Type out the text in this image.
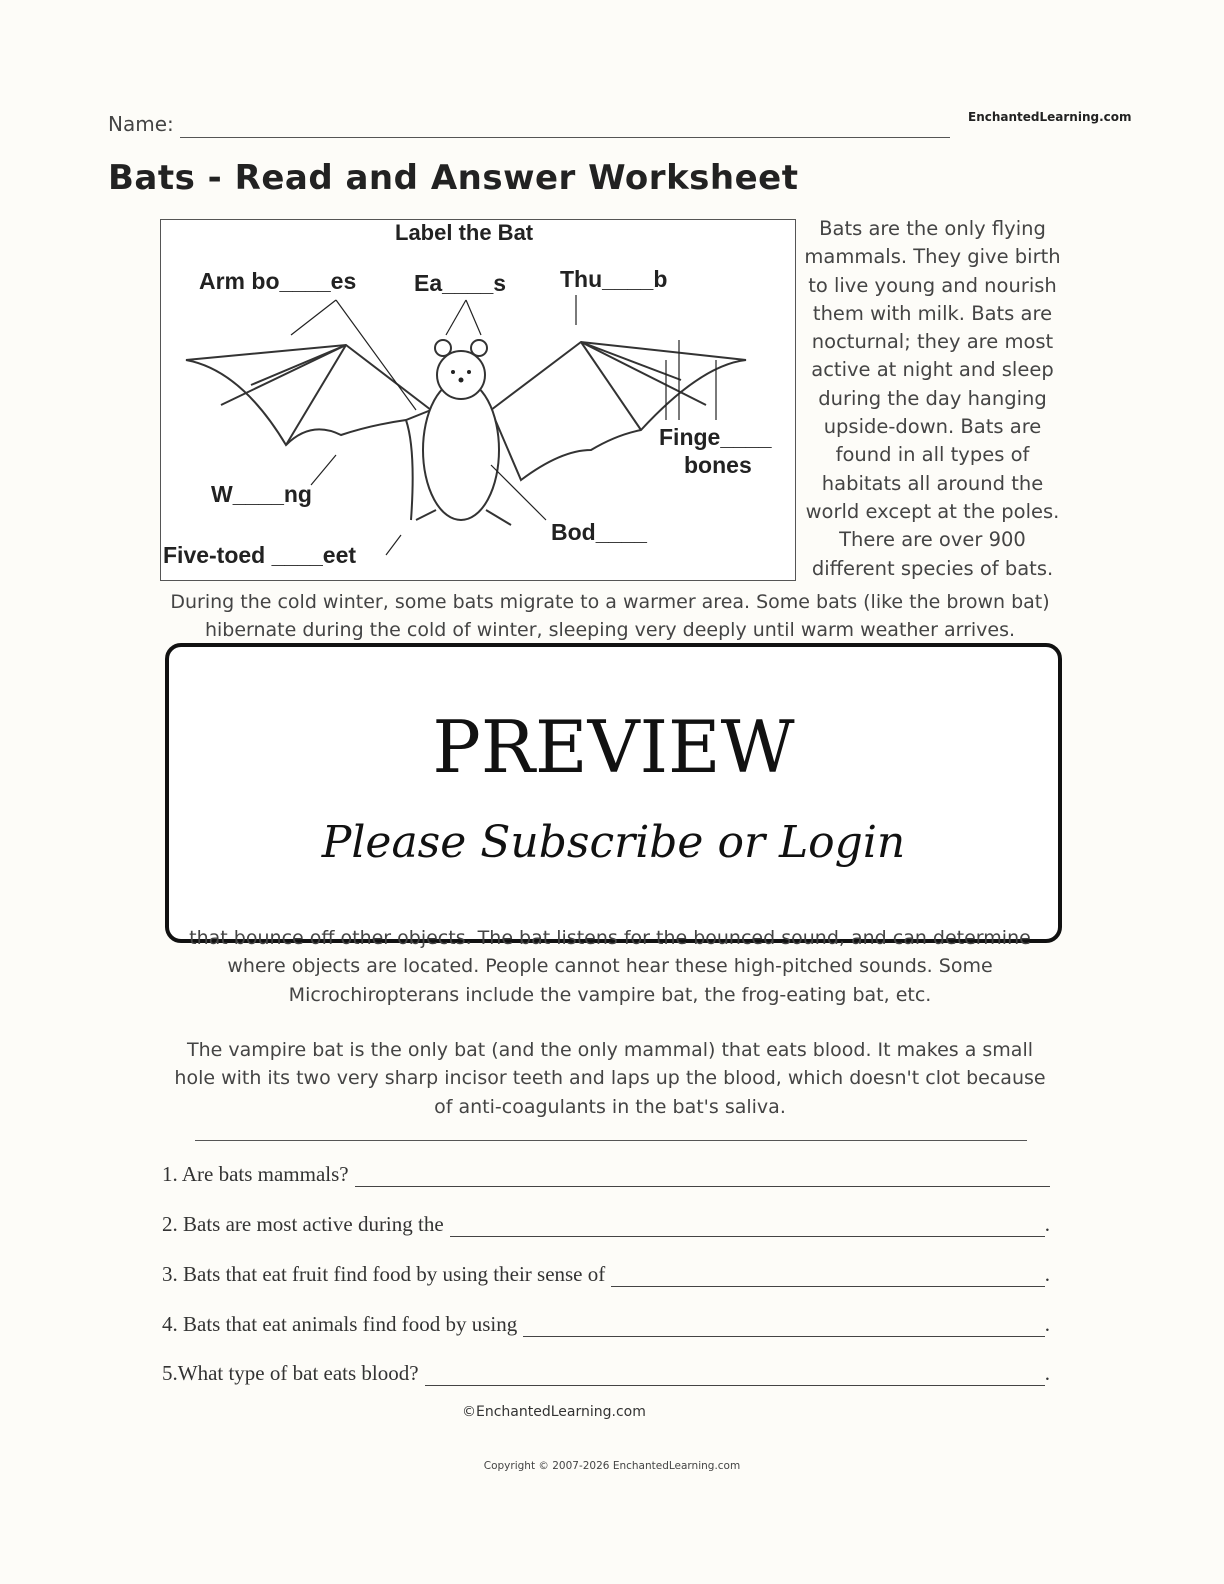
Name:	EnchantedLearning.com
Bats - Read and Answer Worksheet
Label the Bat
Arm bo____es	Ea____s Thu____b
Finge____
bones
W____ng
Bod____
Five-toed ____eet
Bats are the only flying mammals. They give birth to live young and nourish them with milk. Bats are nocturnal; they are most active at night and sleep during the day hanging upside-down. Bats are found in all types of habitats all around the world except at the poles. There are over 900 different species of bats.
During the cold winter, some bats migrate to a warmer area. Some bats (like the brown bat) hibernate during the cold of winter, sleeping very deeply until warm weather arrives.
PREVIEW
Please Subscribe or Login
that bounce off other objects. The bat listens for the bounced sound, and can determine where objects are located. People cannot hear these high-pitched sounds. Some Microchiropterans include the vampire bat, the frog-eating bat, etc.
The vampire bat is the only bat (and the only mammal) that eats blood. It makes a small hole with its two very sharp incisor teeth and laps up the blood, which doesn't clot because of anti-coagulants in the bat's saliva.
1. Are bats mammals?
2. Bats are most active during the	.
3. Bats that eat fruit find food by using their sense of	.
4. Bats that eat animals find food by using	.
5.What type of bat eats blood?	.
©EnchantedLearning.com
Copyright © 2007-2026 EnchantedLearning.com
